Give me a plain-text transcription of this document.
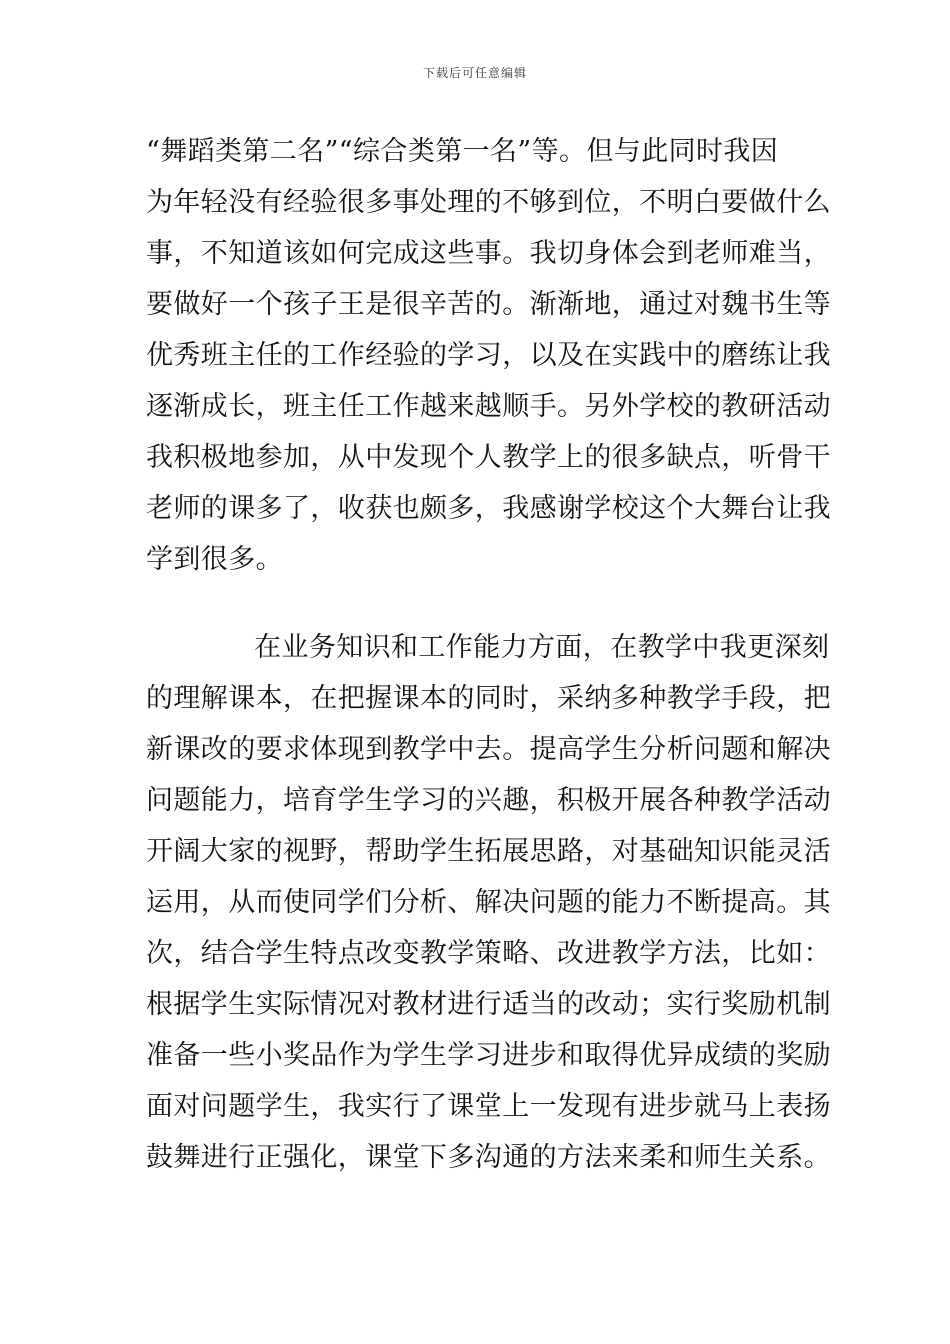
下载后可任意编辑
“舞蹈类第二名”“综合类第一名”等。但与此同时我因
为年轻没有经验很多事处理的不够到位，不明白要做什么
事，不知道该如何完成这些事。我切身体会到老师难当，
要做好一个孩子王是很辛苦的。渐渐地，通过对魏书生等
优秀班主任的工作经验的学习，以及在实践中的磨练让我
逐渐成长，班主任工作越来越顺手。另外学校的教研活动
我积极地参加，从中发现个人教学上的很多缺点，听骨干
老师的课多了，收获也颇多，我感谢学校这个大舞台让我
学到很多。
在业务知识和工作能力方面，在教学中我更深刻
的理解课本，在把握课本的同时，采纳多种教学手段，把
新课改的要求体现到教学中去。提高学生分析问题和解决
问题能力，培育学生学习的兴趣，积极开展各种教学活动
开阔大家的视野，帮助学生拓展思路，对基础知识能灵活
运用，从而使同学们分析、解决问题的能力不断提高。其
次，结合学生特点改变教学策略、改进教学方法，比如：
根据学生实际情况对教材进行适当的改动；实行奖励机制
准备一些小奖品作为学生学习进步和取得优异成绩的奖励
面对问题学生，我实行了课堂上一发现有进步就马上表扬
鼓舞进行正强化，课堂下多沟通的方法来柔和师生关系。
